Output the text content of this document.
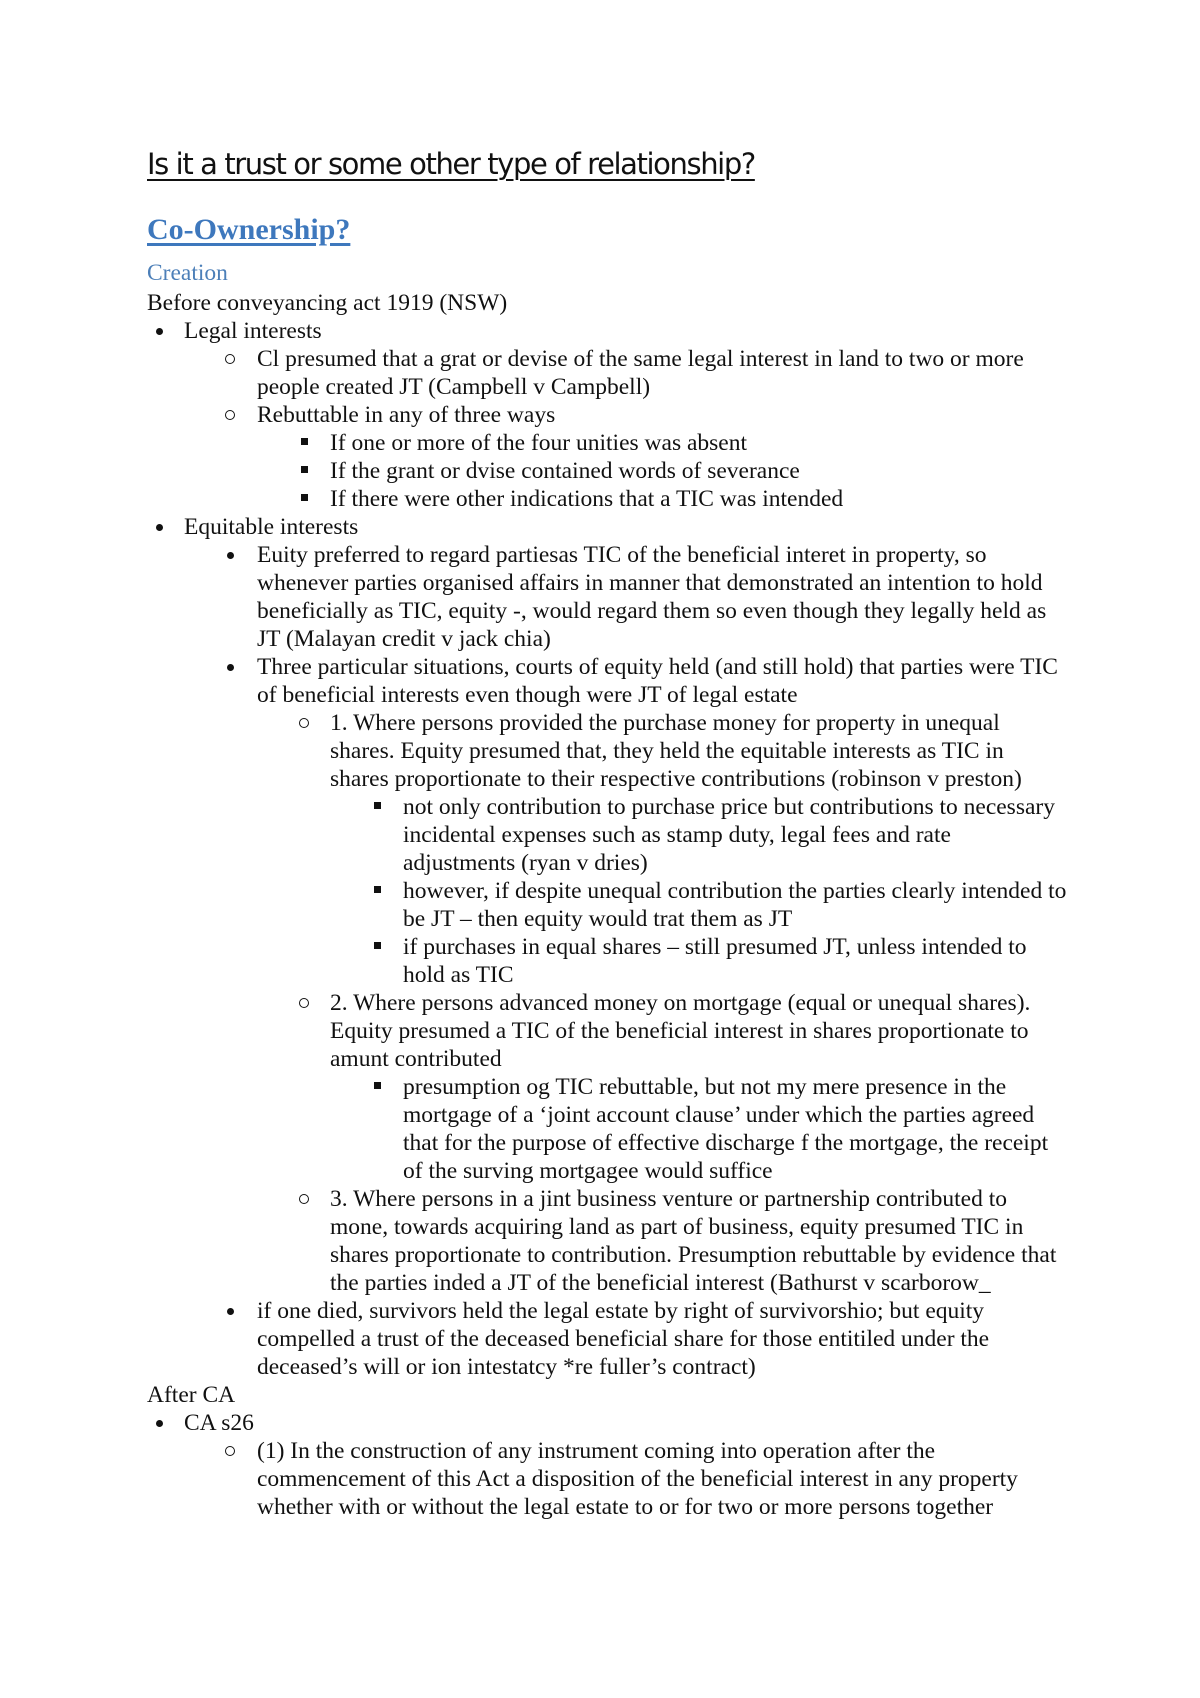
Is it a trust or some other type of relationship?
Co-Ownership?
Creation
Before conveyancing act 1919 (NSW)
Legal interests
Cl presumed that a grat or devise of the same legal interest in land to two or more people created JT (Campbell v Campbell)
Rebuttable in any of three ways
If one or more of the four unities was absent
If the grant or dvise contained words of severance
If there were other indications that a TIC was intended
Equitable interests
Euity preferred to regard partiesas TIC of the beneficial interet in property, so whenever parties organised affairs in manner that demonstrated an intention to hold beneficially as TIC, equity -, would regard them so even though they legally held as JT (Malayan credit v jack chia)
Three particular situations, courts of equity held (and still hold) that parties were TIC of beneficial interests even though were JT of legal estate
1. Where persons provided the purchase money for property in unequal shares. Equity presumed that, they held the equitable interests as TIC in shares proportionate to their respective contributions (robinson v preston)
not only contribution to purchase price but contributions to necessary incidental expenses such as stamp duty, legal fees and rate adjustments (ryan v dries)
however, if despite unequal contribution the parties clearly intended to be JT – then equity would trat them as JT
if purchases in equal shares – still presumed JT, unless intended to hold as TIC
2. Where persons advanced money on mortgage (equal or unequal shares). Equity presumed a TIC of the beneficial interest in shares proportionate to amunt contributed
presumption og TIC rebuttable, but not my mere presence in the mortgage of a ‘joint account clause’ under which the parties agreed that for the purpose of effective discharge f the mortgage, the receipt of the surving mortgagee would suffice
3. Where persons in a jint business venture or partnership contributed to mone, towards acquiring land as part of business, equity presumed TIC in shares proportionate to contribution. Presumption rebuttable by evidence that the parties inded a JT of the beneficial interest (Bathurst v scarborow_
if one died, survivors held the legal estate by right of survivorshio; but equity compelled a trust of the deceased beneficial share for those entitiled under the deceased’s will or ion intestatcy *re fuller’s contract)
After CA
CA s26
(1) In the construction of any instrument coming into operation after the commencement of this Act a disposition of the beneficial interest in any property whether with or without the legal estate to or for two or more persons together
